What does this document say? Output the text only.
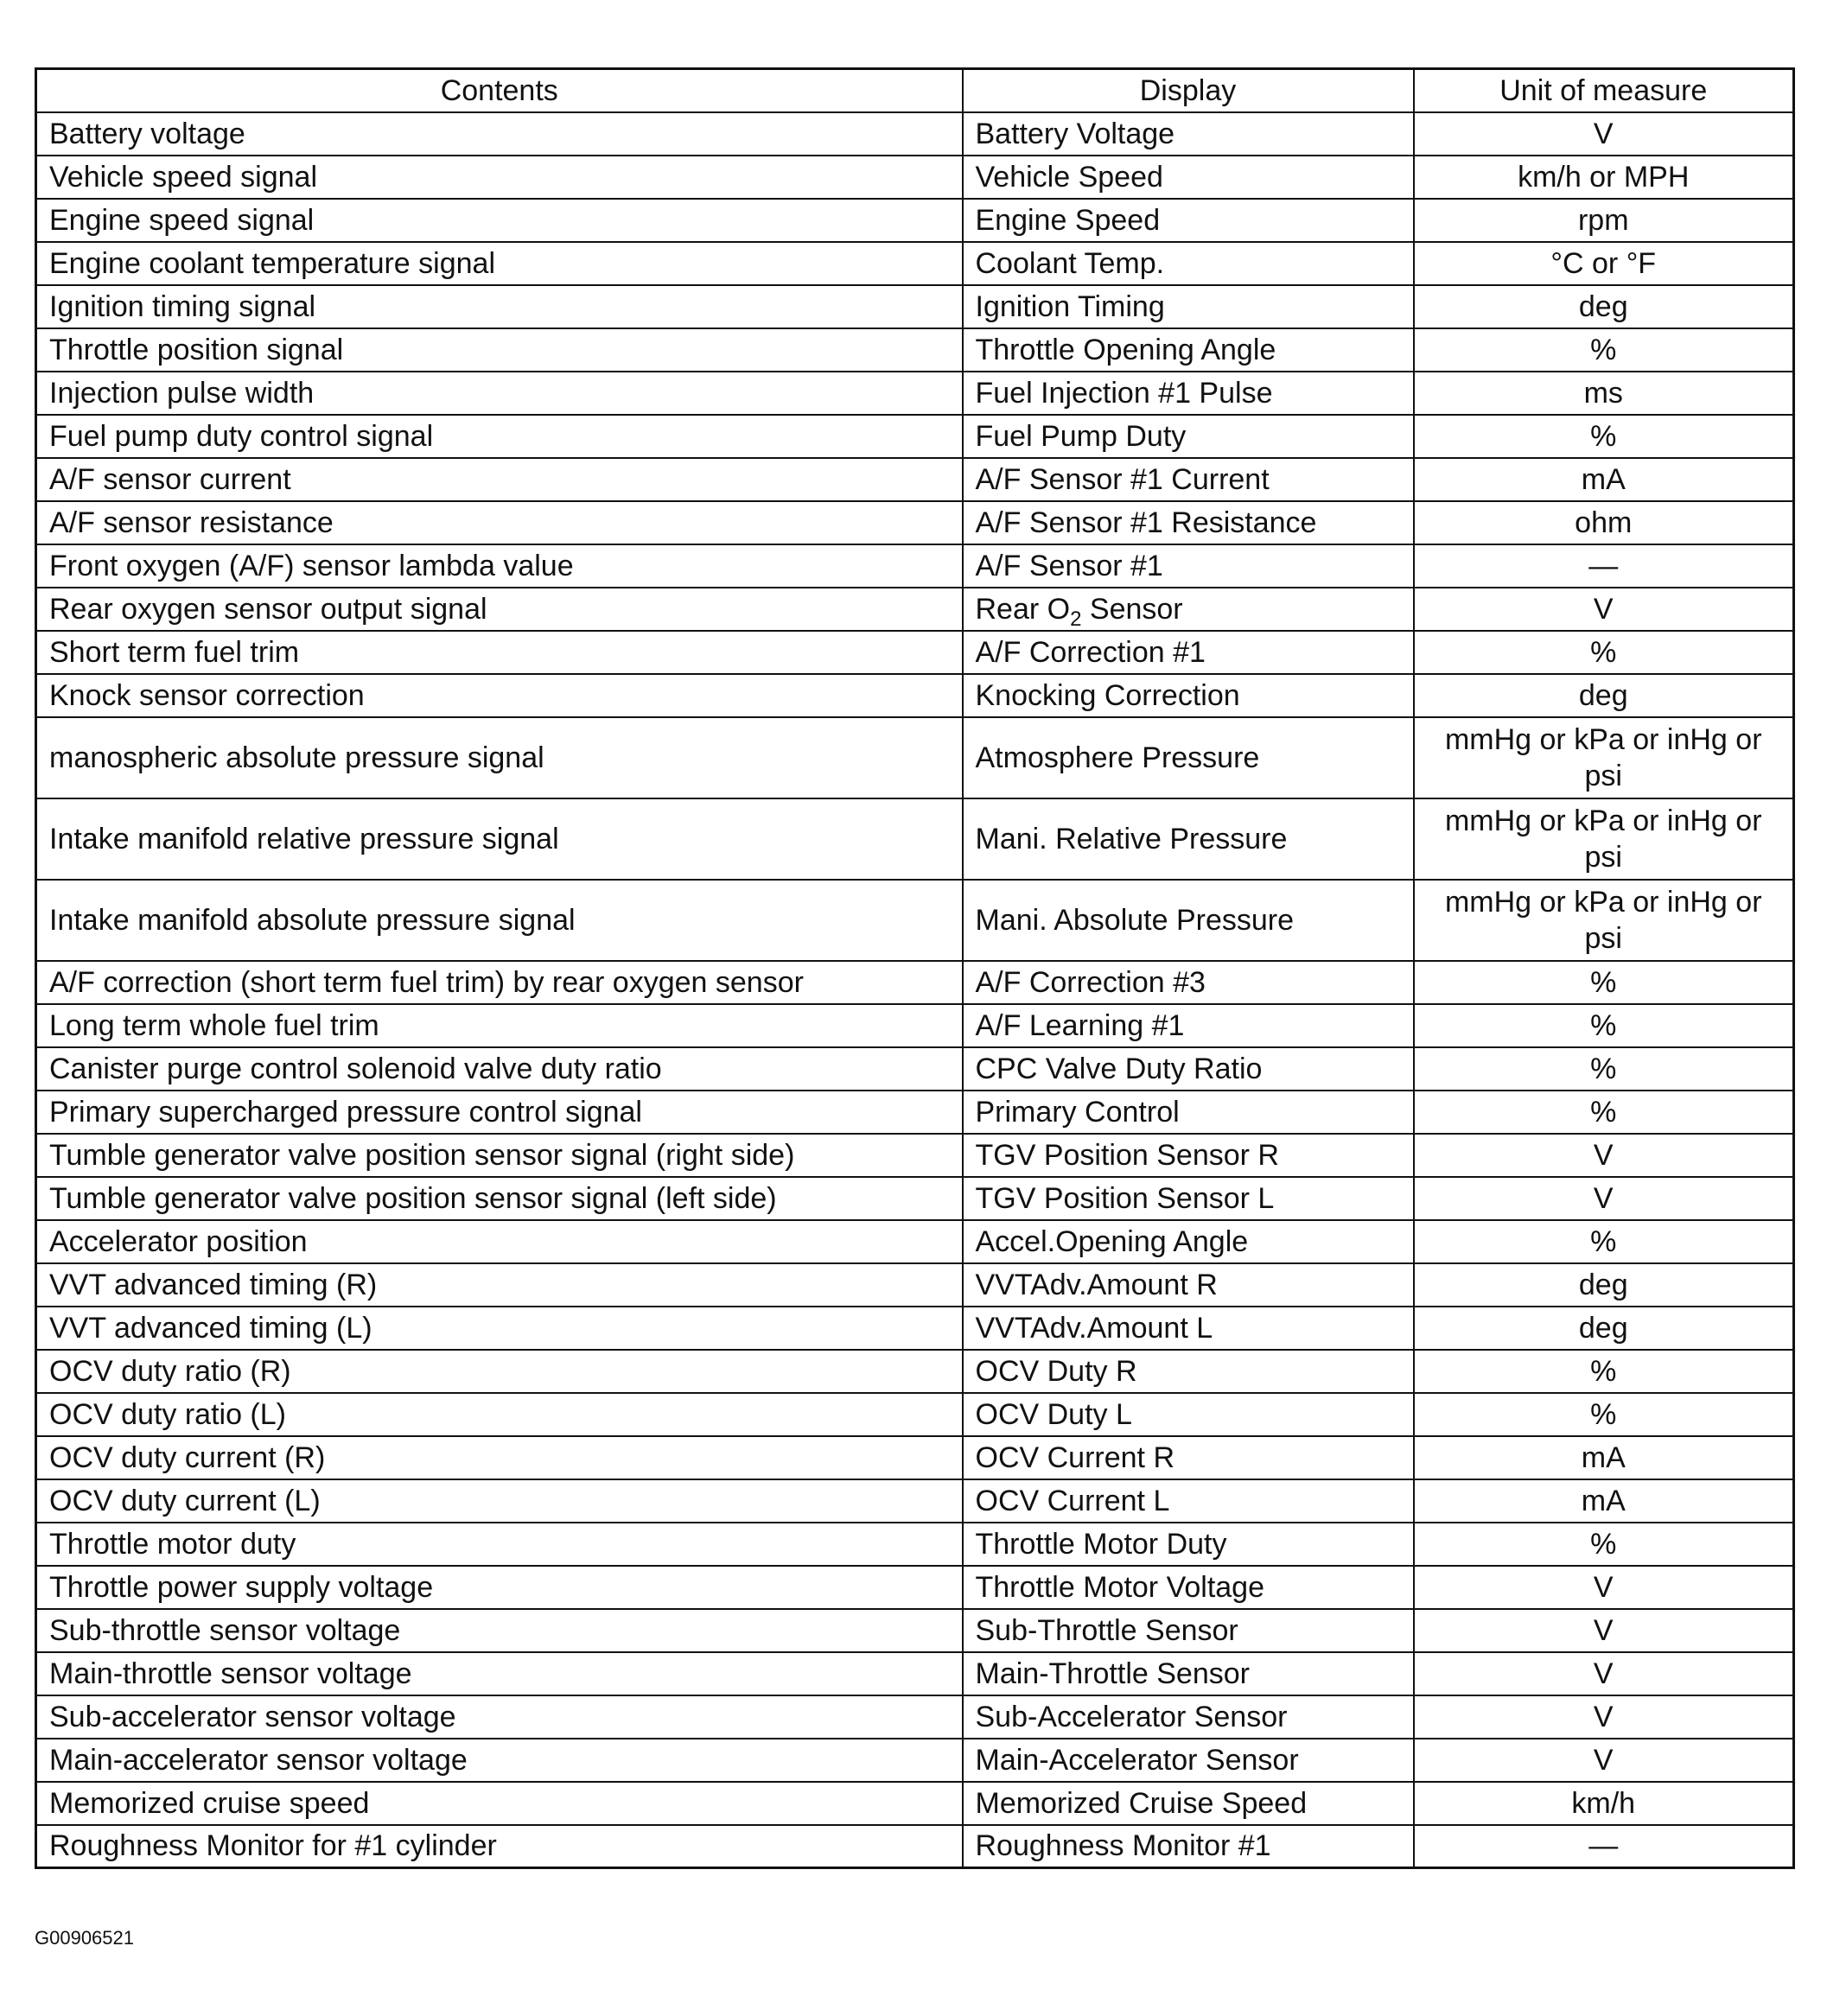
Contents	Display	Unit of measure
Battery voltage	Battery Voltage	V
Vehicle speed signal	Vehicle Speed	km/h or MPH
Engine speed signal	Engine Speed	rpm
Engine coolant temperature signal	Coolant Temp.	°C or °F
Ignition timing signal	Ignition Timing	deg
Throttle position signal	Throttle Opening Angle	%
Injection pulse width	Fuel Injection #1 Pulse	ms
Fuel pump duty control signal	Fuel Pump Duty	%
A/F sensor current	A/F Sensor #1 Current	mA
A/F sensor resistance	A/F Sensor #1 Resistance	ohm
Front oxygen (A/F) sensor lambda value	A/F Sensor #1	—
Rear oxygen sensor output signal	Rear $O_2$ Sensor	V
Short term fuel trim	A/F Correction #1	%
Knock sensor correction	Knocking Correction	deg
manospheric absolute pressure signal	Atmosphere Pressure	mmHg or kPa or inHg or psi
Intake manifold relative pressure signal	Mani. Relative Pressure	mmHg or kPa or inHg or psi
Intake manifold absolute pressure signal	Mani. Absolute Pressure	mmHg or kPa or inHg or psi
A/F correction (short term fuel trim) by rear oxygen sensor	A/F Correction #3	%
Long term whole fuel trim	A/F Learning #1	%
Canister purge control solenoid valve duty ratio	CPC Valve Duty Ratio	%
Primary supercharged pressure control signal	Primary Control	%
Tumble generator valve position sensor signal (right side)	TGV Position Sensor R	V
Tumble generator valve position sensor signal (left side)	TGV Position Sensor L	V
Accelerator position	Accel.Opening Angle	%
VVT advanced timing (R)	VVTAdv.Amount R	deg
VVT advanced timing (L)	VVTAdv.Amount L	deg
OCV duty ratio (R)	OCV Duty R	%
OCV duty ratio (L)	OCV Duty L	%
OCV duty current (R)	OCV Current R	mA
OCV duty current (L)	OCV Current L	mA
Throttle motor duty	Throttle Motor Duty	%
Throttle power supply voltage	Throttle Motor Voltage	V
Sub-throttle sensor voltage	Sub-Throttle Sensor	V
Main-throttle sensor voltage	Main-Throttle Sensor	V
Sub-accelerator sensor voltage	Sub-Accelerator Sensor	V
Main-accelerator sensor voltage	Main-Accelerator Sensor	V
Memorized cruise speed	Memorized Cruise Speed	km/h
Roughness Monitor for #1 cylinder	Roughness Monitor #1	—
G00906521
